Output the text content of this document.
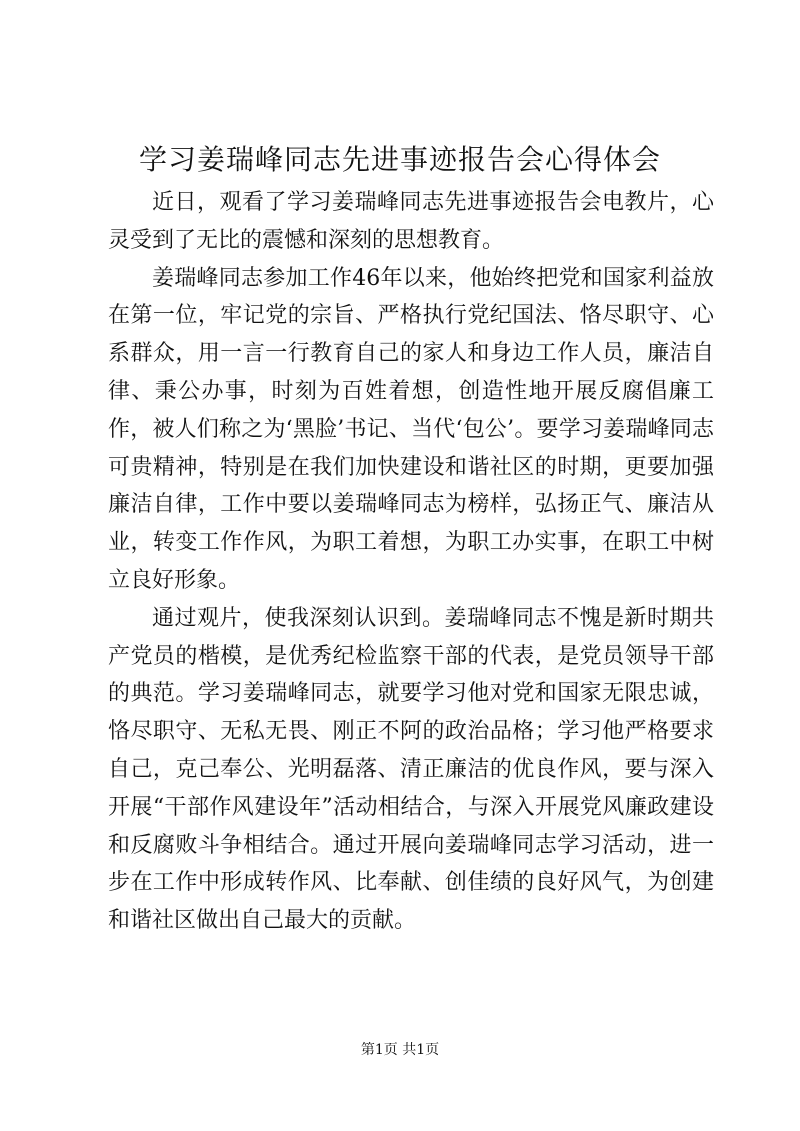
学习姜瑞峰同志先进事迹报告会心得体会

近日，观看了学习姜瑞峰同志先进事迹报告会电教片，心灵受到了无比的震憾和深刻的思想教育。

姜瑞峰同志参加工作46年以来，他始终把党和国家利益放在第一位，牢记党的宗旨、严格执行党纪国法、恪尽职守、心系群众，用一言一行教育自己的家人和身边工作人员，廉洁自律、秉公办事，时刻为百姓着想，创造性地开展反腐倡廉工作，被人们称之为‘黑脸’书记、当代‘包公’。要学习姜瑞峰同志可贵精神，特别是在我们加快建设和谐社区的时期，更要加强廉洁自律，工作中要以姜瑞峰同志为榜样，弘扬正气、廉洁从业，转变工作作风，为职工着想，为职工办实事，在职工中树立良好形象。

通过观片，使我深刻认识到。姜瑞峰同志不愧是新时期共产党员的楷模，是优秀纪检监察干部的代表，是党员领导干部的典范。学习姜瑞峰同志，就要学习他对党和国家无限忠诚，恪尽职守、无私无畏、刚正不阿的政治品格；学习他严格要求自己，克己奉公、光明磊落、清正廉洁的优良作风，要与深入开展“干部作风建设年”活动相结合，与深入开展党风廉政建设和反腐败斗争相结合。通过开展向姜瑞峰同志学习活动，进一步在工作中形成转作风、比奉献、创佳绩的良好风气，为创建和谐社区做出自己最大的贡献。

第1页 共1页
